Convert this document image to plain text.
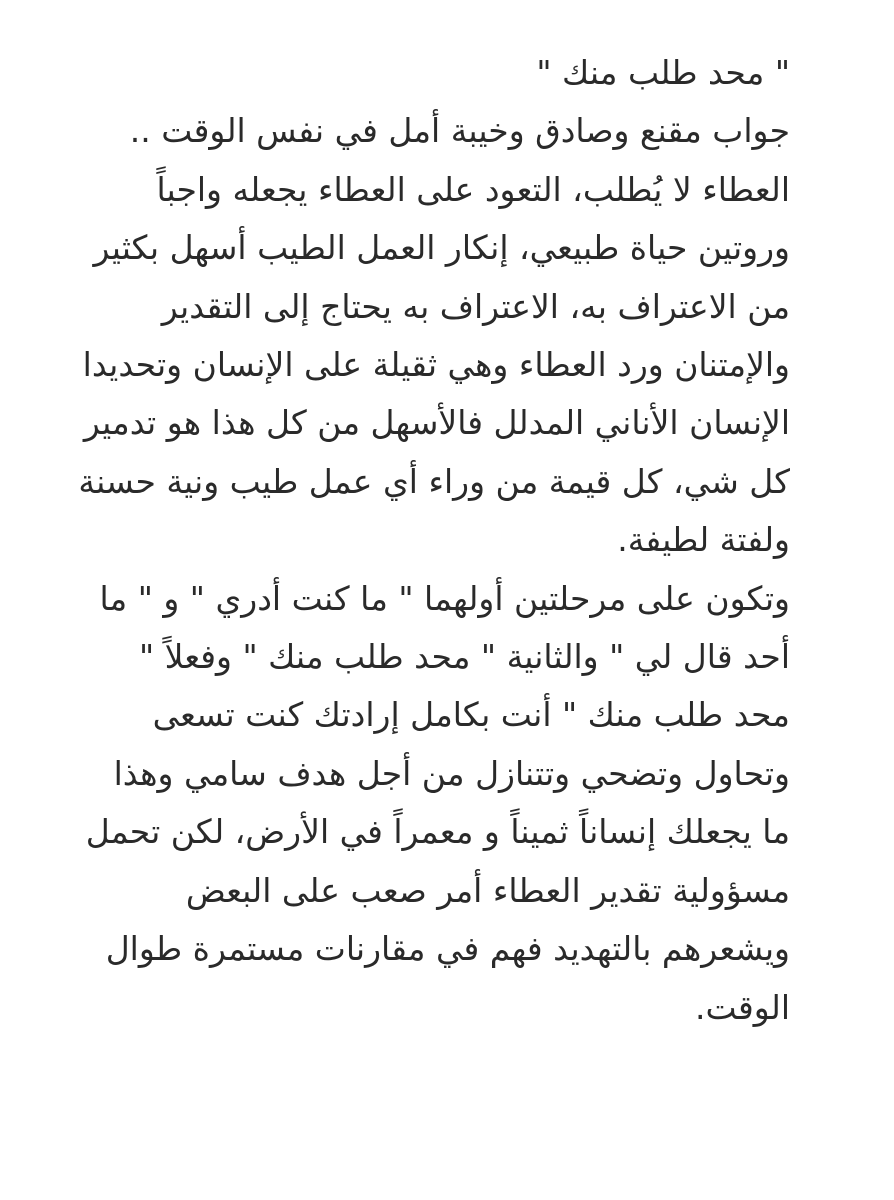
" محد طلب منك "
جواب مقنع وصادق وخيبة أمل في نفس الوقت ..
العطاء لا يُطلب، التعود على العطاء يجعله واجباً
وروتين حياة طبيعي، إنكار العمل الطيب أسهل بكثير
من الاعتراف به، الاعتراف به يحتاج إلى التقدير
والإمتنان ورد العطاء وهي ثقيلة على الإنسان وتحديدا
الإنسان الأناني المدلل فالأسهل من كل هذا هو تدمير
كل شي، كل قيمة من وراء أي عمل طيب ونية حسنة
ولفتة لطيفة.
وتكون على مرحلتين أولهما " ما كنت أدري " و " ما
أحد قال لي " والثانية " محد طلب منك " وفعلاً "
محد طلب منك " أنت بكامل إرادتك كنت تسعى
وتحاول وتضحي وتتنازل من أجل هدف سامي وهذا
ما يجعلك إنساناً ثميناً و معمراً في الأرض، لكن تحمل
مسؤولية تقدير العطاء أمر صعب على البعض
ويشعرهم بالتهديد فهم في مقارنات مستمرة طوال
الوقت.
